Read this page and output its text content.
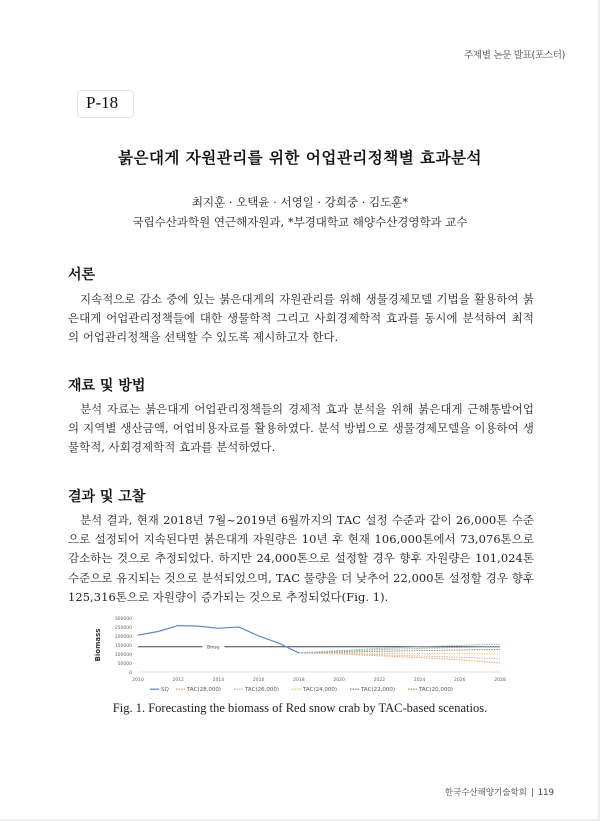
주제별 논문 발표(포스터)
P-18
붉은대게 자원관리를 위한 어업관리정책별 효과분석
최지훈 · 오택윤 · 서영일 · 강희중 · 김도훈*
국립수산과학원 연근해자원과, *부경대학교 해양수산경영학과 교수
서론
지속적으로 감소 중에 있는 붉은대게의 자원관리를 위해 생물경제모델 기법을 활용하여 붉은대게 어업관리정책들에 대한 생물학적 그리고 사회경제학적 효과를 동시에 분석하여 최적의 어업관리정책을 선택할 수 있도록 제시하고자 한다.
재료 및 방법
분석 자료는 붉은대게 어업관리정책들의 경제적 효과 분석을 위해 붉은대게 근해통발어업의 지역별 생산금액, 어업비용자료를 활용하였다. 분석 방법으로 생물경제모델을 이용하여 생물학적, 사회경제학적 효과를 분석하였다.
결과 및 고찰
분석 결과, 현재 2018년 7월~2019년 6월까지의 TAC 설정 수준과 같이 26,000톤 수준으로 설정되어 지속된다면 붉은대게 자원량은 10년 후 현재 106,000톤에서 73,076톤으로 감소하는 것으로 추정되었다. 하지만 24,000톤으로 설정할 경우 향후 자원량은 101,024톤 수준으로 유지되는 것으로 분석되었으며, TAC 물량을 더 낮추어 22,000톤 설정할 경우 향후 125,316톤으로 자원량이 증가되는 것으로 추정되었다(Fig. 1).
Biomass
0
50000
100000
150000
200000
250000
300000
2010	2012	2014	2016	2018	2020	2022	2024	2026	2028
Bmsy
SQ	TAC(28,000)	TAC(26,000)	TAC(24,000)	TAC(22,000)	TAC(20,000)
Fig. 1. Forecasting the biomass of Red snow crab by TAC-based scenatios.
한국수산해양기술학회 | 119
